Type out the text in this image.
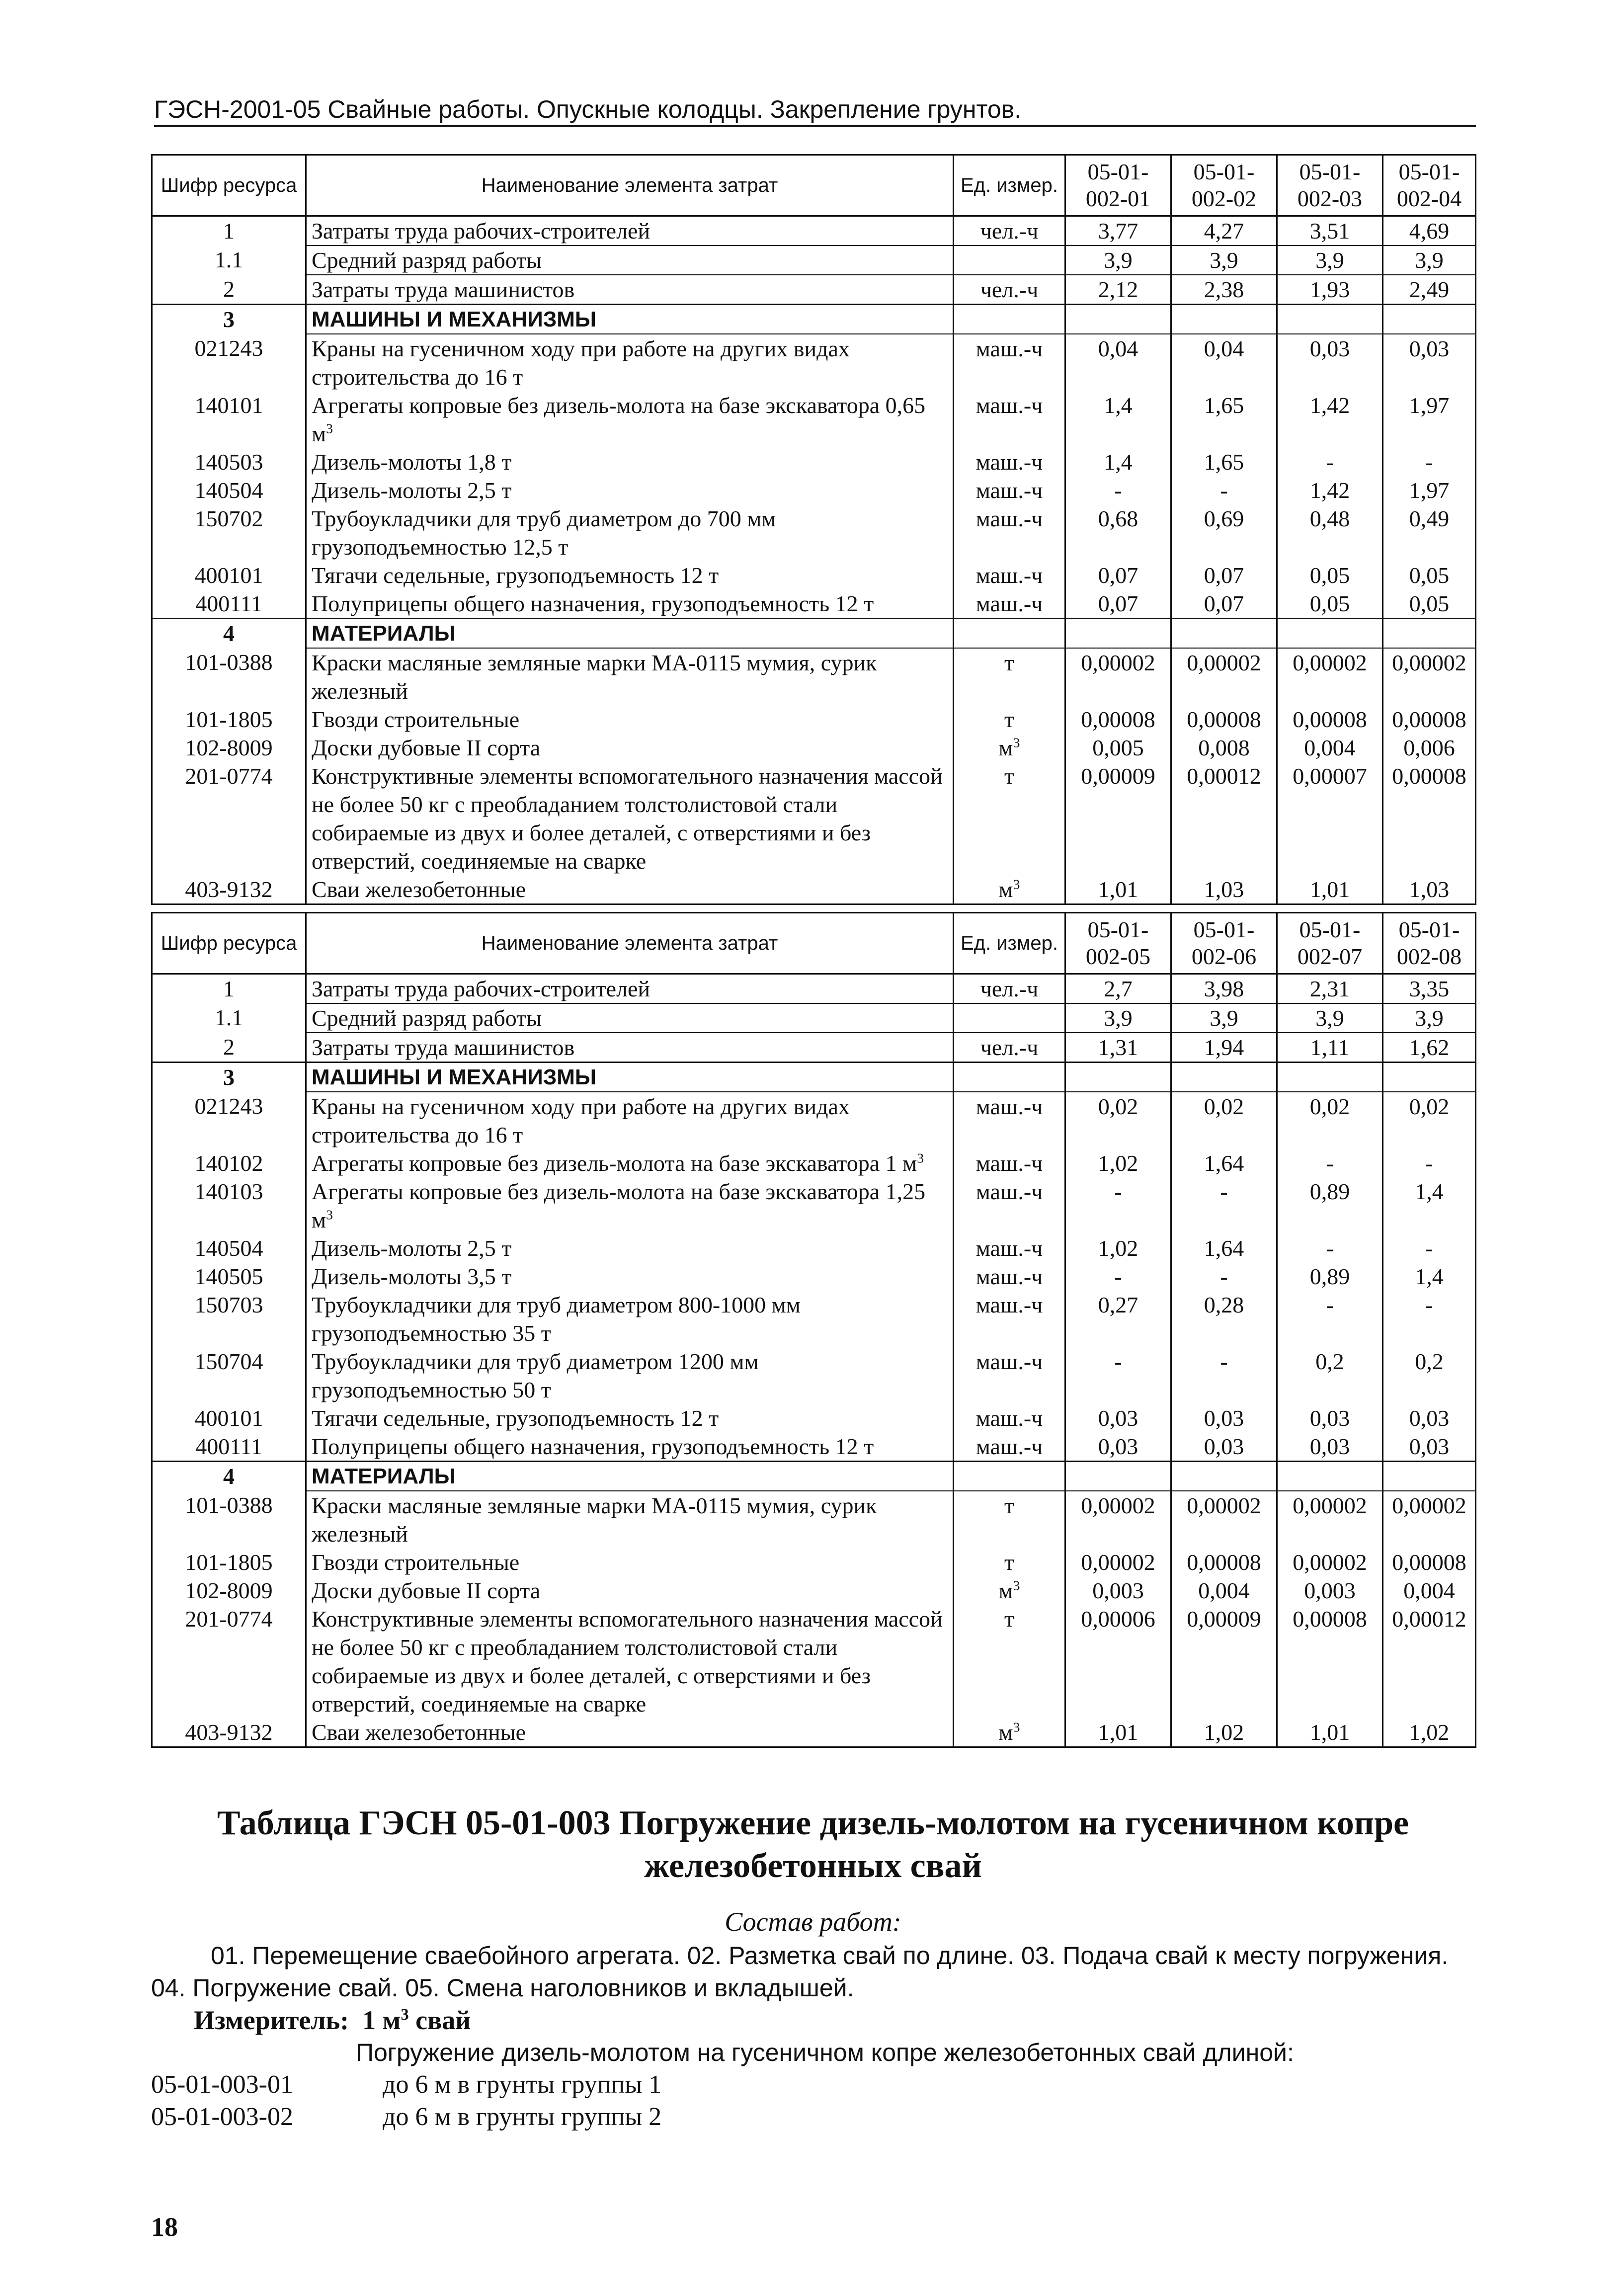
ГЭСН-2001-05 Свайные работы. Опускные колодцы. Закрепление грунтов.
Шифр ресурса	Наименование элемента затрат	Ед. измер.	05-01-002-01	05-01-002-02	05-01-002-03	05-01-002-04
1	Затраты труда рабочих-строителей	чел.-ч	3,77	4,27	3,51	4,69
1.1	Средний разряд работы		3,9	3,9	3,9	3,9
2	Затраты труда машинистов	чел.-ч	2,12	2,38	1,93	2,49
3	МАШИНЫ И МЕХАНИЗМЫ					
021243	Краны на гусеничном ходу при работе на других видах строительства до 16 т	маш.-ч	0,04	0,04	0,03	0,03
140101	Агрегаты копровые без дизель-молота на базе экскаватора 0,65 $м^3$	маш.-ч	1,4	1,65	1,42	1,97
140503	Дизель-молоты 1,8 т	маш.-ч	1,4	1,65	-	-
140504	Дизель-молоты 2,5 т	маш.-ч	-	-	1,42	1,97
150702	Трубоукладчики для труб диаметром до 700 мм грузоподъемностью 12,5 т	маш.-ч	0,68	0,69	0,48	0,49
400101	Тягачи седельные, грузоподъемность 12 т	маш.-ч	0,07	0,07	0,05	0,05
400111	Полуприцепы общего назначения, грузоподъемность 12 т	маш.-ч	0,07	0,07	0,05	0,05
4	МАТЕРИАЛЫ					
101-0388	Краски масляные земляные марки МА-0115 мумия, сурик железный	т	0,00002	0,00002	0,00002	0,00002
101-1805	Гвозди строительные	т	0,00008	0,00008	0,00008	0,00008
102-8009	Доски дубовые II сорта	$м^3$	0,005	0,008	0,004	0,006
201-0774	Конструктивные элементы вспомогательного назначения массой не более 50 кг с преобладанием толстолистовой стали собираемые из двух и более деталей, с отверстиями и без отверстий, соединяемые на сварке	т	0,00009	0,00012	0,00007	0,00008
403-9132	Сваи железобетонные	$м^3$	1,01	1,03	1,01	1,03
Шифр ресурса	Наименование элемента затрат	Ед. измер.	05-01-002-05	05-01-002-06	05-01-002-07	05-01-002-08
1	Затраты труда рабочих-строителей	чел.-ч	2,7	3,98	2,31	3,35
1.1	Средний разряд работы		3,9	3,9	3,9	3,9
2	Затраты труда машинистов	чел.-ч	1,31	1,94	1,11	1,62
3	МАШИНЫ И МЕХАНИЗМЫ					
021243	Краны на гусеничном ходу при работе на других видах строительства до 16 т	маш.-ч	0,02	0,02	0,02	0,02
140102	Агрегаты копровые без дизель-молота на базе экскаватора 1 $м^3$	маш.-ч	1,02	1,64	-	-
140103	Агрегаты копровые без дизель-молота на базе экскаватора 1,25 $м^3$	маш.-ч	-	-	0,89	1,4
140504	Дизель-молоты 2,5 т	маш.-ч	1,02	1,64	-	-
140505	Дизель-молоты 3,5 т	маш.-ч	-	-	0,89	1,4
150703	Трубоукладчики для труб диаметром 800-1000 мм грузоподъемностью 35 т	маш.-ч	0,27	0,28	-	-
150704	Трубоукладчики для труб диаметром 1200 мм грузоподъемностью 50 т	маш.-ч	-	-	0,2	0,2
400101	Тягачи седельные, грузоподъемность 12 т	маш.-ч	0,03	0,03	0,03	0,03
400111	Полуприцепы общего назначения, грузоподъемность 12 т	маш.-ч	0,03	0,03	0,03	0,03
4	МАТЕРИАЛЫ					
101-0388	Краски масляные земляные марки МА-0115 мумия, сурик железный	т	0,00002	0,00002	0,00002	0,00002
101-1805	Гвозди строительные	т	0,00002	0,00008	0,00002	0,00008
102-8009	Доски дубовые II сорта	$м^3$	0,003	0,004	0,003	0,004
201-0774	Конструктивные элементы вспомогательного назначения массой не более 50 кг с преобладанием толстолистовой стали собираемые из двух и более деталей, с отверстиями и без отверстий, соединяемые на сварке	т	0,00006	0,00009	0,00008	0,00012
403-9132	Сваи железобетонные	$м^3$	1,01	1,02	1,01	1,02
Таблица ГЭСН 05-01-003 Погружение дизель-молотом на гусеничном копре железобетонных свай
Состав работ:
01. Перемещение сваебойного агрегата. 02. Разметка свай по длине. 03. Подача свай к месту погружения.
04. Погружение свай. 05. Смена наголовников и вкладышей.
Измеритель: 1 $м^3$ свай
Погружение дизель-молотом на гусеничном копре железобетонных свай длиной:
05-01-003-01	до 6 м в грунты группы 1
05-01-003-02	до 6 м в грунты группы 2
18
